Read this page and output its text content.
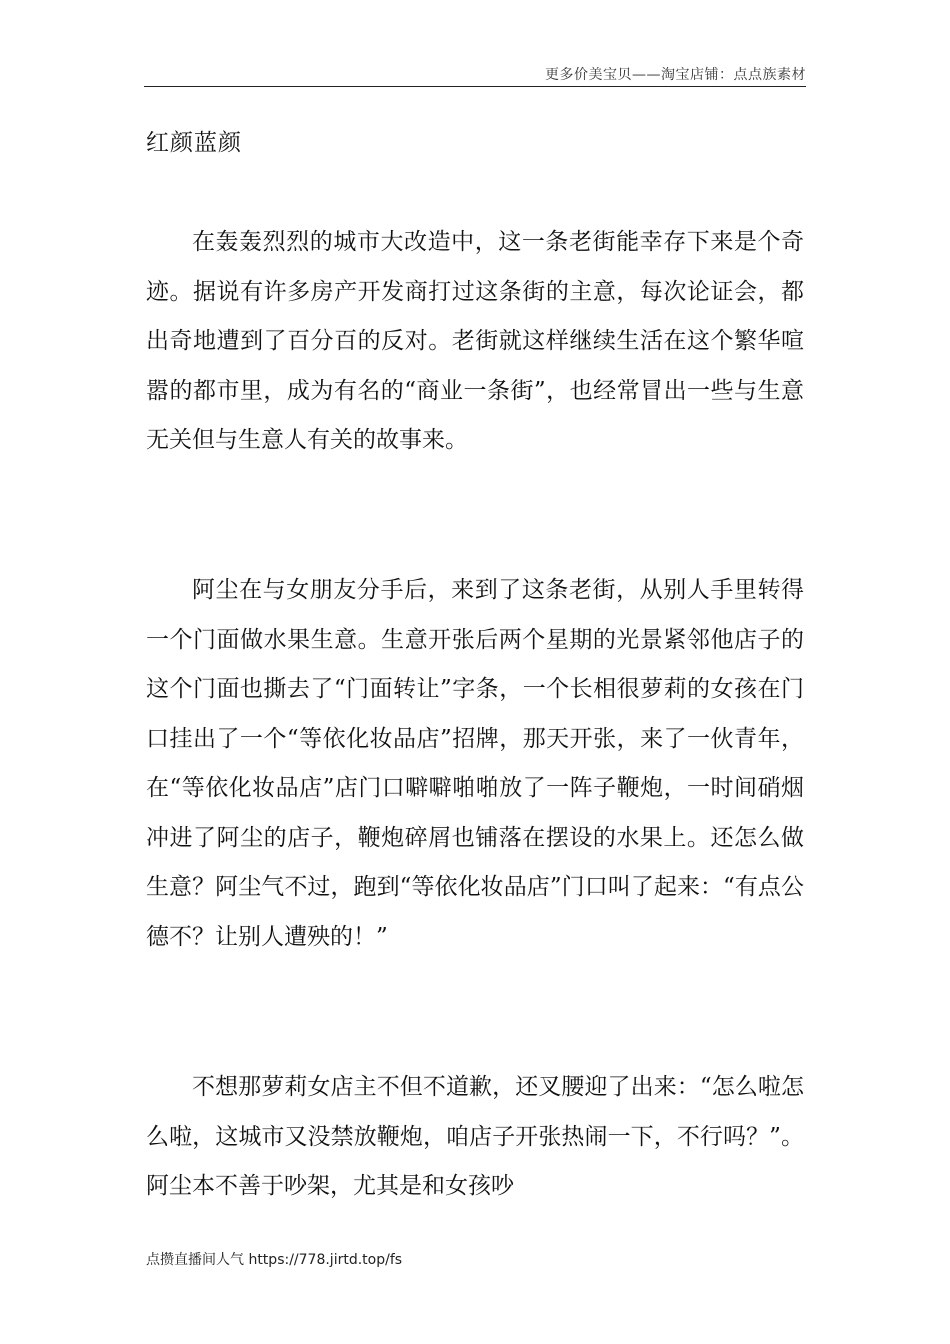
更多价美宝贝——淘宝店铺：点点族素材
红颜蓝颜

在轰轰烈烈的城市大改造中，这一条老街能幸存下来是个奇迹。据说有许多房产开发商打过这条街的主意，每次论证会，都出奇地遭到了百分百的反对。老街就这样继续生活在这个繁华喧嚣的都市里，成为有名的“商业一条街”，也经常冒出一些与生意无关但与生意人有关的故事来。

阿尘在与女朋友分手后，来到了这条老街，从别人手里转得一个门面做水果生意。生意开张后两个星期的光景紧邻他店子的这个门面也撕去了“门面转让”字条，一个长相很萝莉的女孩在门口挂出了一个“等依化妆品店”招牌，那天开张，来了一伙青年，在“等依化妆品店”店门口噼噼啪啪放了一阵子鞭炮，一时间硝烟冲进了阿尘的店子，鞭炮碎屑也铺落在摆设的水果上。还怎么做生意？阿尘气不过，跑到“等依化妆品店”门口叫了起来：“有点公德不？让别人遭殃的！”

不想那萝莉女店主不但不道歉，还叉腰迎了出来：“怎么啦怎么啦，这城市又没禁放鞭炮，咱店子开张热闹一下，不行吗？”。阿尘本不善于吵架，尤其是和女孩吵

点攒直播间人气 https://778.jirtd.top/fs
